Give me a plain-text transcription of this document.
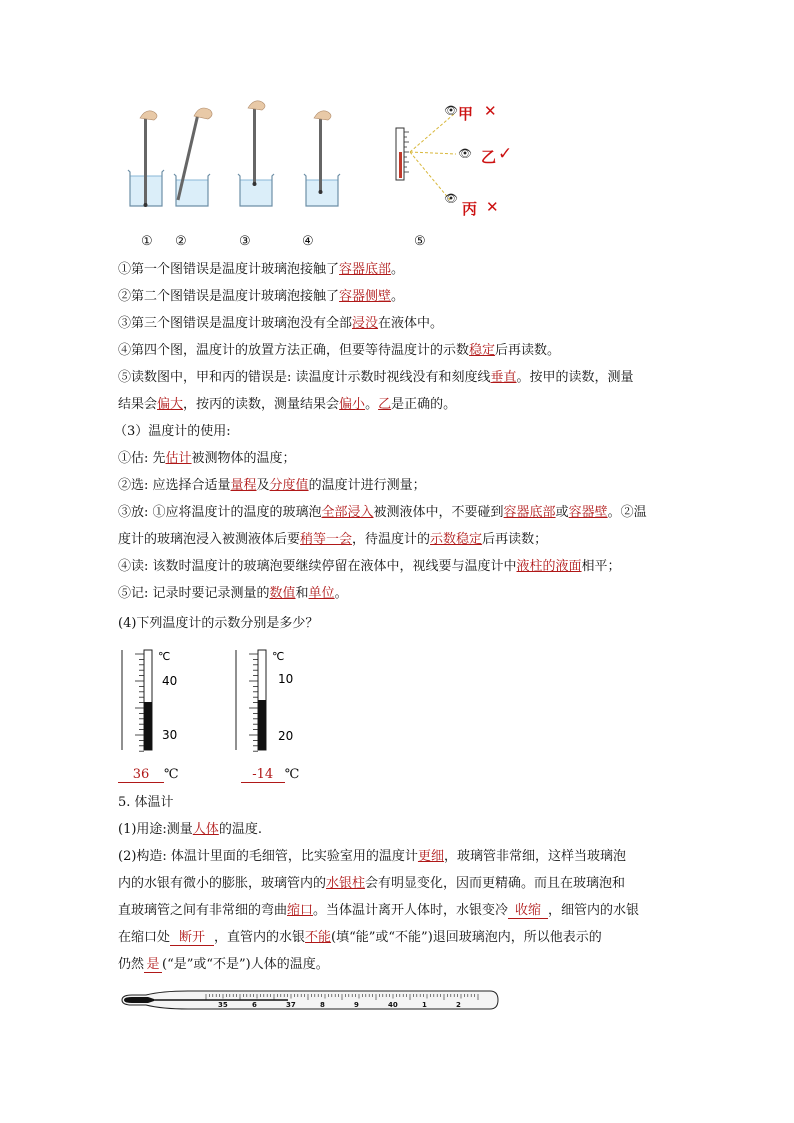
👁
👁
👁
甲 ✕
乙 ✓
丙 ✕
① ②	③	④	⑤
①第一个图错误是温度计玻璃泡接触了容器底部。
②第二个图错误是温度计玻璃泡接触了容器侧壁。
③第三个图错误是温度计玻璃泡没有全部浸没在液体中。
④第四个图，温度计的放置方法正确，但要等待温度计的示数稳定后再读数。
⑤读数图中，甲和丙的错误是: 读温度计示数时视线没有和刻度线垂直。按甲的读数，测量
结果会偏大，按丙的读数，测量结果会偏小。乙是正确的。
（3）温度计的使用:
①估: 先估计被测物体的温度；
②选: 应选择合适量量程及分度值的温度计进行测量；
③放: ①应将温度计的温度的玻璃泡全部浸入被测液体中，不要碰到容器底部或容器壁。②温
度计的玻璃泡浸入被测液体后要稍等一会，待温度计的示数稳定后再读数；
④读: 该数时温度计的玻璃泡要继续停留在液体中，视线要与温度计中液柱的液面相平；
⑤记: 记录时要记录测量的数值和单位。
(4)下列温度计的示数分别是多少？
℃
40
30
℃
10
20
36 ℃	-14 ℃
5. 体温计
(1)用途:测量人体的温度.
(2)构造: 体温计里面的毛细管，比实验室用的温度计更细，玻璃管非常细，这样当玻璃泡
内的水银有微小的膨胀，玻璃管内的水银柱会有明显变化，因而更精确。而且在玻璃泡和
直玻璃管之间有非常细的弯曲缩口。当体温计离开人体时，水银变冷 收缩 ，细管内的水银
在缩口处 断开 ，直管内的水银不能(填“能”或“不能”)退回玻璃泡内，所以他表示的
仍然 是 (“是”或“不是”)人体的温度。
35	6	37	8	9	40	1	2
